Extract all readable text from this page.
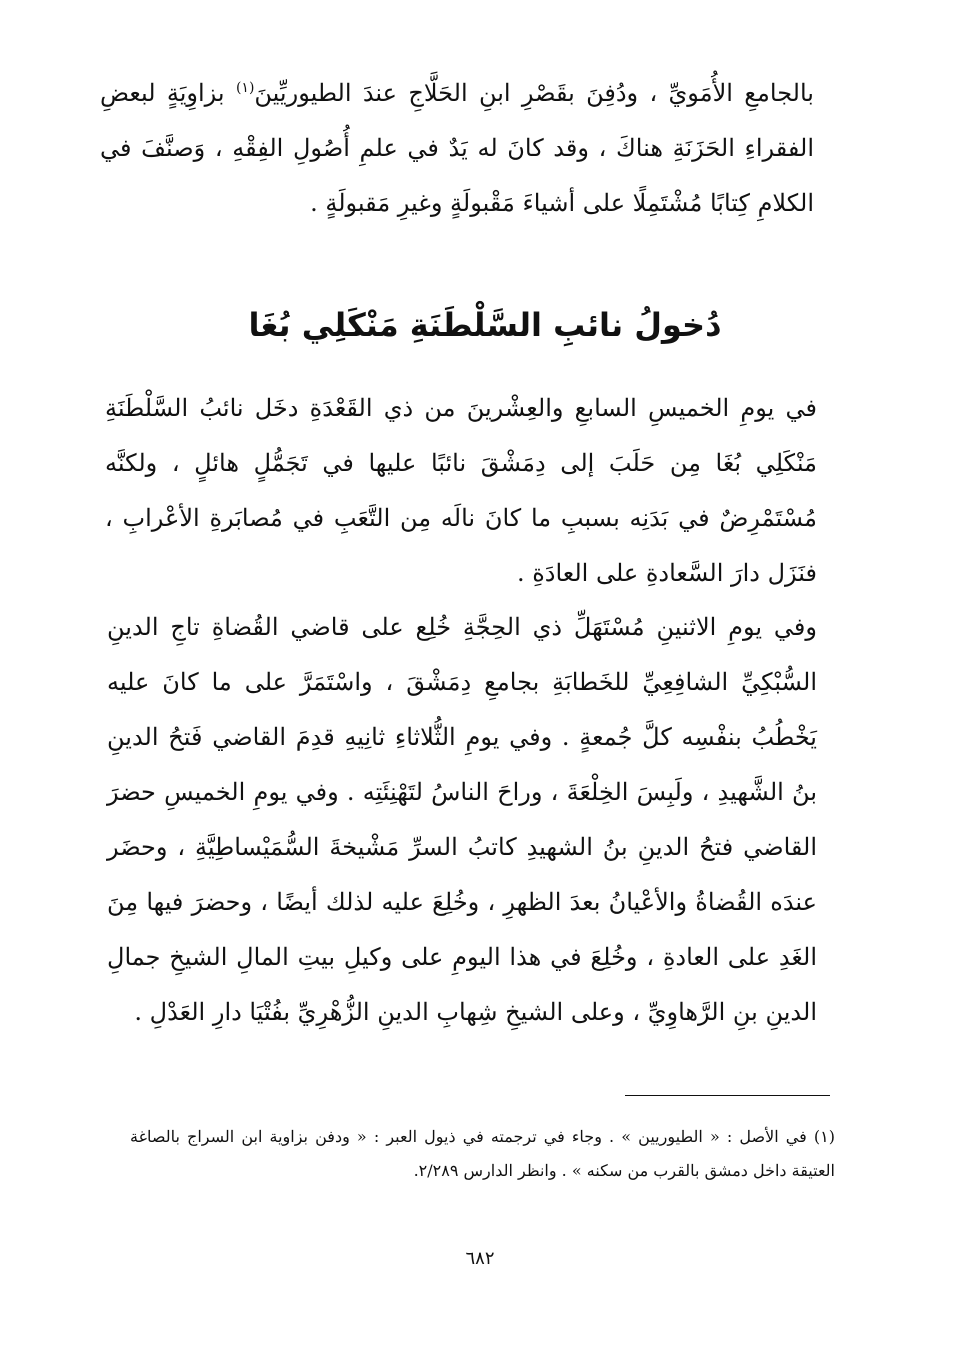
بالجامعِ الأُمَويِّ ، ودُفِنَ بقَصْرِ ابنِ الحَلَّاجِ عندَ الطيوريِّينَ$^{(١)}$ بزاوِيَةٍ لبعضِ الفقراءِ الحَزَنَةِ هناكَ ، وقد كانَ له يَدٌ في علمِ أُصُولِ الفِقْهِ ، وَصنَّفَ في الكلامِ كِتابًا مُشْتَمِلًا على أشياءَ مَقْبولَةٍ وغيرِ مَقبولَةٍ .

دُخولُ نائبِ السَّلْطَنَةِ مَنْكَلِي بُغَا

في يومِ الخميسِ السابعِ والعِشْرينَ من ذي القَعْدَةِ دخَل نائبُ السَّلْطَنَةِ مَنْكَلِي بُغَا مِن حَلَبَ إلى دِمَشْقَ نائبًا عليها في تَجَمُّلٍ هائلٍ ، ولكنَّه مُسْتَمْرِضٌ في بَدَنِه بسببِ ما كانَ نالَه مِن التَّعَبِ في مُصابَرةِ الأعْرابِ ، فنَزَل دارَ السَّعادةِ على العادَةِ .

وفي يومِ الاثنينِ مُسْتَهَلِّ ذي الحِجَّةِ خُلِع على قاضي القُضاةِ تاجِ الدينِ السُّبْكِيِّ الشافِعِيِّ للخَطابَةِ بجامعِ دِمَشْقَ ، واسْتَمَرَّ على ما كانَ عليه يَخْطُبُ بنفْسِه كلَّ جُمعةٍ . وفي يومِ الثُّلاثاءِ ثانِيهِ قدِمَ القاضي فَتحُ الدينِ بنُ الشَّهيدِ ، ولَبِسَ الخِلْعَةَ ، وراحَ الناسُ لتَهْنِئَتِه . وفي يومِ الخميسِ حضرَ القاضي فتحُ الدينِ بنُ الشهيدِ كاتبُ السرِّ مَشْيخةَ السُّمَيْساطِيَّةِ ، وحضَر عندَه القُضاةُ والأعْيانُ بعدَ الظهرِ ، وخُلِعَ عليه لذلك أيضًا ، وحضرَ فيها مِنَ الغَدِ على العادةِ ، وخُلِعَ في هذا اليومِ على وكيلِ بيتِ المالِ الشيخِ جمالِ الدينِ بنِ الرَّهاوِيِّ ، وعلى الشيخِ شِهابِ الدينِ الزُّهْرِيِّ بفُتْيَا دارِ العَدْلِ .

(١) في الأصل : « الطيوريين » . وجاء في ترجمته في ذيول العبر : « ودفن بزاوية ابن السراج بالصاغة العتيقة داخل دمشق بالقرب من سكنه » . وانظر الدارس ٢/٢٨٩.

٦٨٢
